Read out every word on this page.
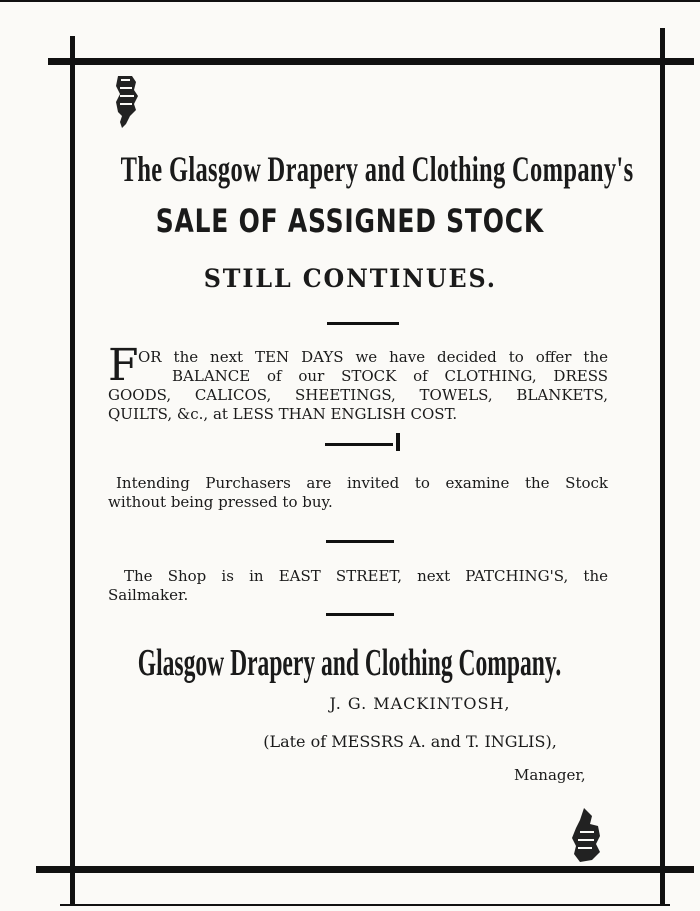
The Glasgow Drapery and Clothing Company's
SALE OF ASSIGNED STOCK
STILL CONTINUES.
F OR the next TEN DAYS we have decided to offer the
BALANCE of our STOCK of CLOTHING, DRESS
GOODS, CALICOS, SHEETINGS, TOWELS, BLANKETS,
QUILTS, &c., at LESS THAN ENGLISH COST.
Intending Purchasers are invited to examine the Stock
without being pressed to buy.
The Shop is in EAST STREET, next PATCHING'S, the
Sailmaker.
Glasgow Drapery and Clothing Company.
J. G. MACKINTOSH,
(Late of MESSRS A. and T. INGLIS),
Manager,
